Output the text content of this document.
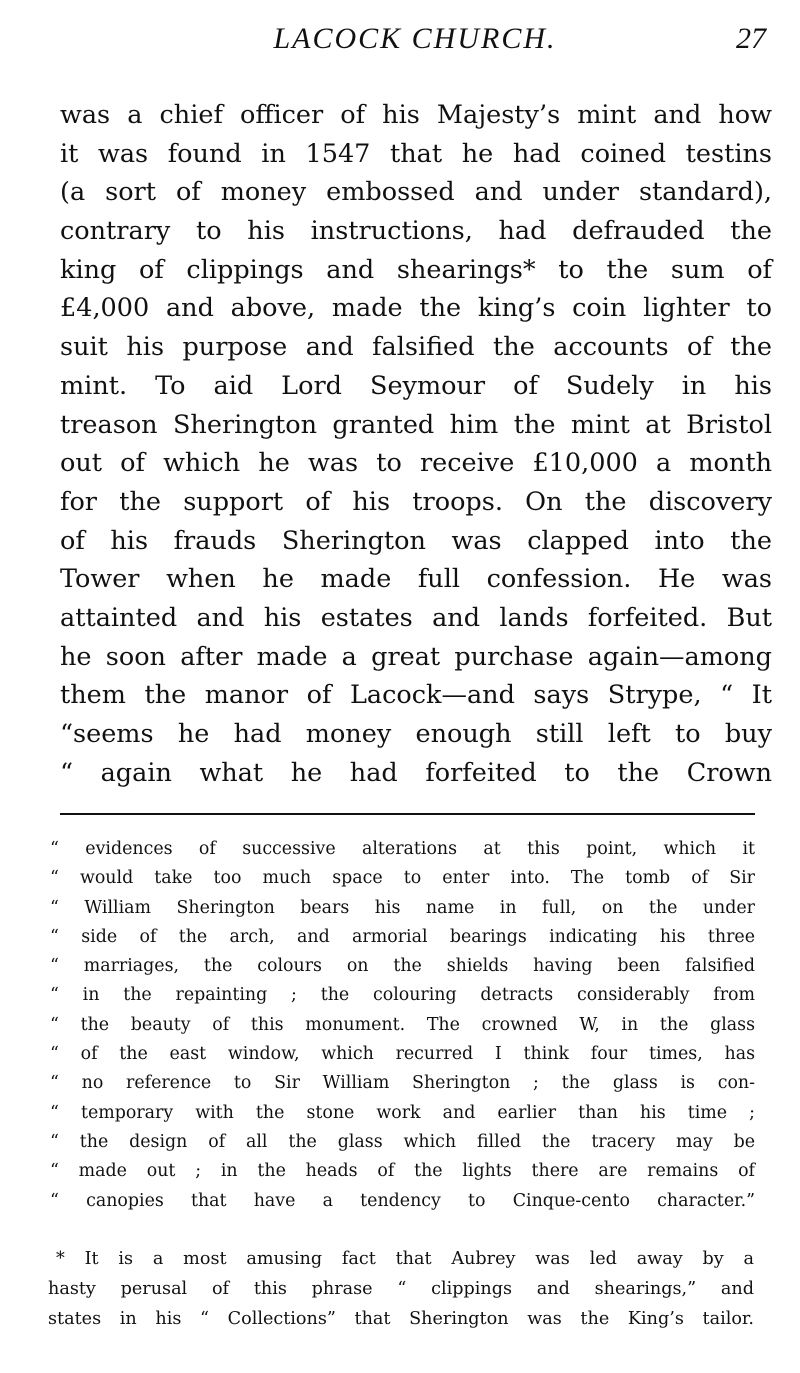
LACOCK CHURCH.	27
was a chief officer of his Majesty’s mint and how
it was found in 1547 that he had coined testins
(a sort of money embossed and under standard),
contrary to his instructions, had defrauded the
king of clippings and shearings* to the sum of
£4,000 and above, made the king’s coin lighter to
suit his purpose and falsified the accounts of the
mint. To aid Lord Seymour of Sudely in his
treason Sherington granted him the mint at Bristol
out of which he was to receive £10,000 a month
for the support of his troops. On the discovery
of his frauds Sherington was clapped into the
Tower when he made full confession. He was
attainted and his estates and lands forfeited. But
he soon after made a great purchase again—among
them the manor of Lacock—and says Strype, “ It
“seems he had money enough still left to buy
“ again what he had forfeited to the Crown
“ evidences of successive alterations at this point, which it
“ would take too much space to enter into. The tomb of Sir
“ William Sherington bears his name in full, on the under
“ side of the arch, and armorial bearings indicating his three
“ marriages, the colours on the shields having been falsified
“ in the repainting ; the colouring detracts considerably from
“ the beauty of this monument. The crowned W, in the glass
“ of the east window, which recurred I think four times, has
“ no reference to Sir William Sherington ; the glass is con-
“ temporary with the stone work and earlier than his time ;
“ the design of all the glass which filled the tracery may be
“ made out ; in the heads of the lights there are remains of
“ canopies that have a tendency to Cinque-cento character.”
* It is a most amusing fact that Aubrey was led away by a
hasty perusal of this phrase “ clippings and shearings,” and
states in his “ Collections” that Sherington was the King’s tailor.
